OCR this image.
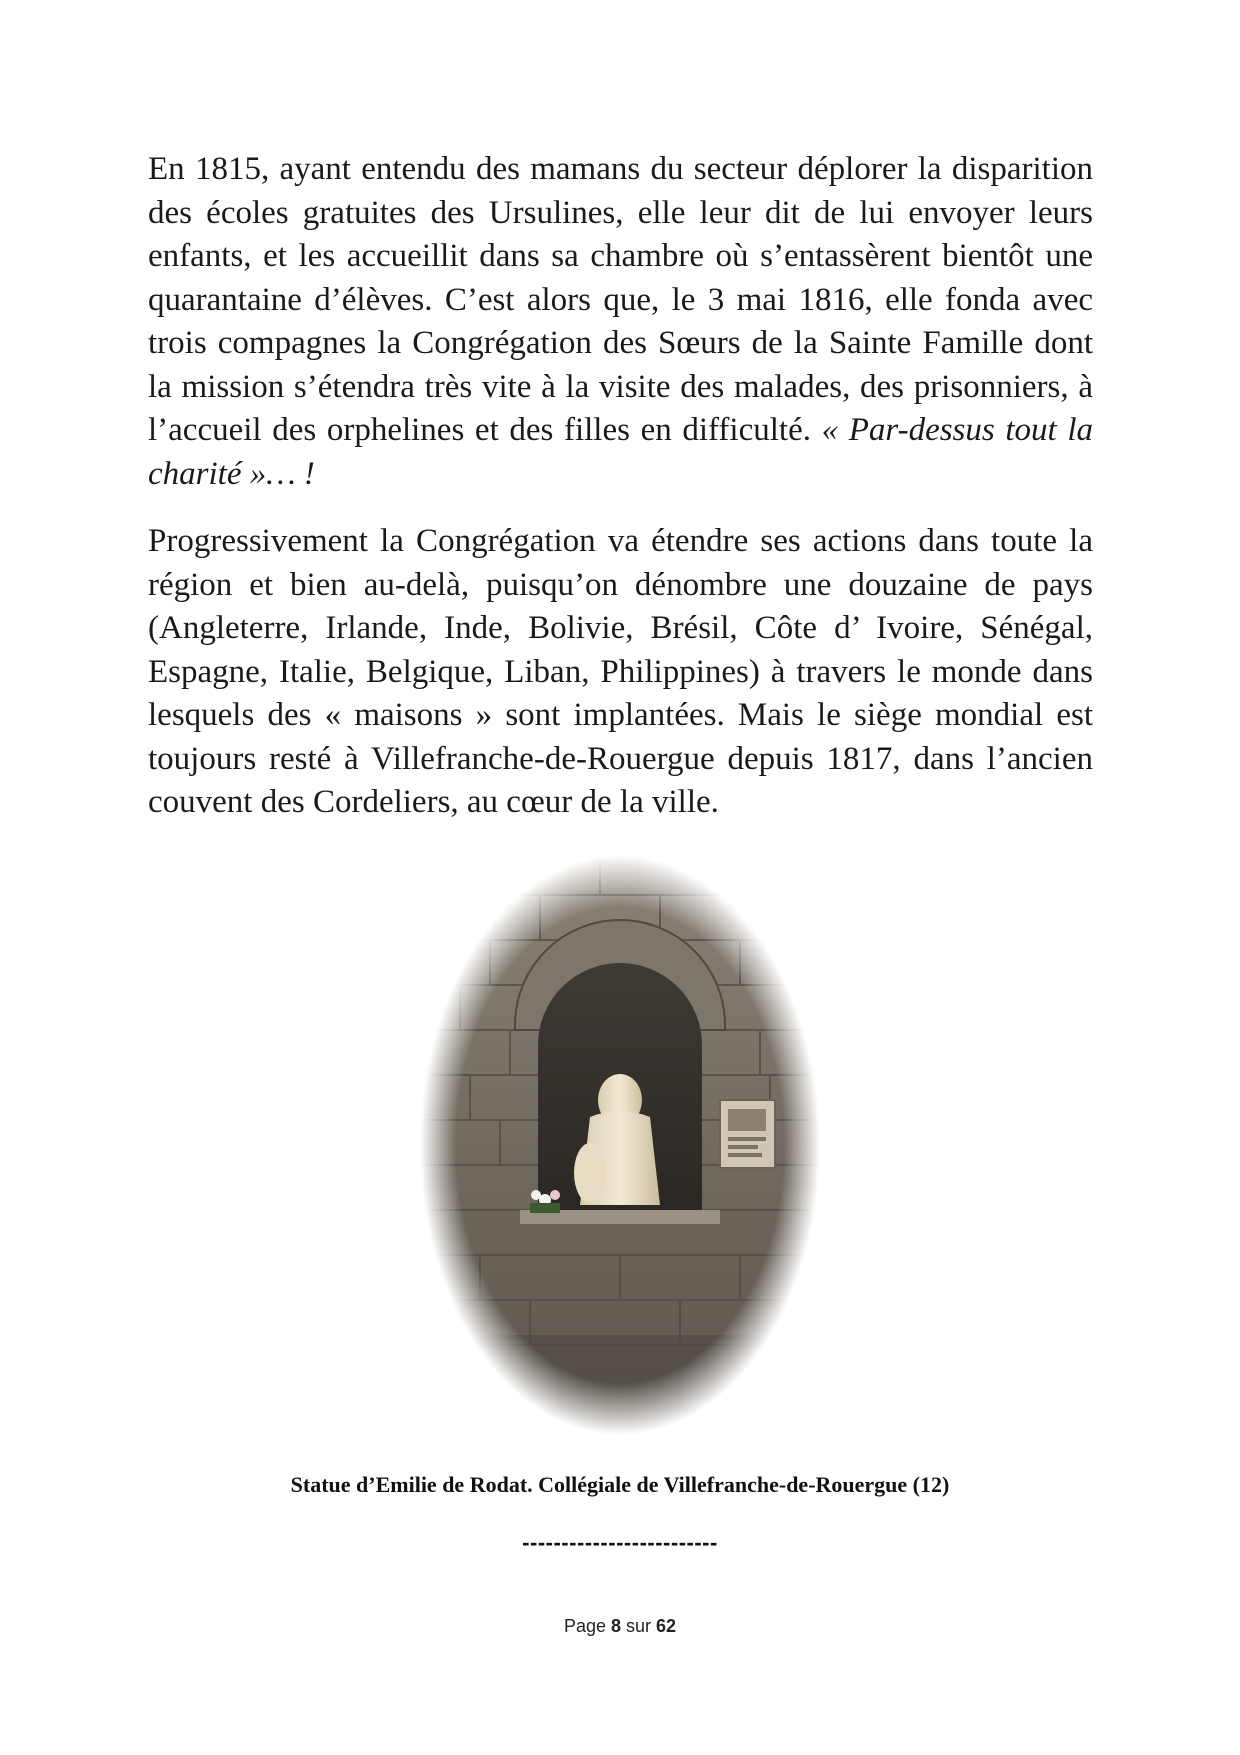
En 1815, ayant entendu des mamans du secteur déplorer la disparition des écoles gratuites des Ursulines, elle leur dit de lui envoyer leurs enfants, et les accueillit dans sa chambre où s’entassèrent bientôt une quarantaine d’élèves. C’est alors que, le 3 mai 1816, elle fonda avec trois compagnes la Congrégation des Sœurs de la Sainte Famille dont la mission s’étendra très vite à la visite des malades, des prisonniers, à l’accueil des orphelines et des filles en difficulté. « Par-dessus tout la charité »… !

Progressivement la Congrégation va étendre ses actions dans toute la région et bien au-delà, puisqu’on dénombre une douzaine de pays (Angleterre, Irlande, Inde, Bolivie, Brésil, Côte d’ Ivoire, Sénégal, Espagne, Italie, Belgique, Liban, Philippines) à travers le monde dans lesquels des « maisons » sont implantées. Mais le siège mondial est toujours resté à Villefranche-de-Rouergue depuis 1817, dans l’ancien couvent des Cordeliers, au cœur de la ville.

Statue d’Emilie de Rodat. Collégiale de Villefranche-de-Rouergue (12)
-------------------------
Page 8 sur 62
